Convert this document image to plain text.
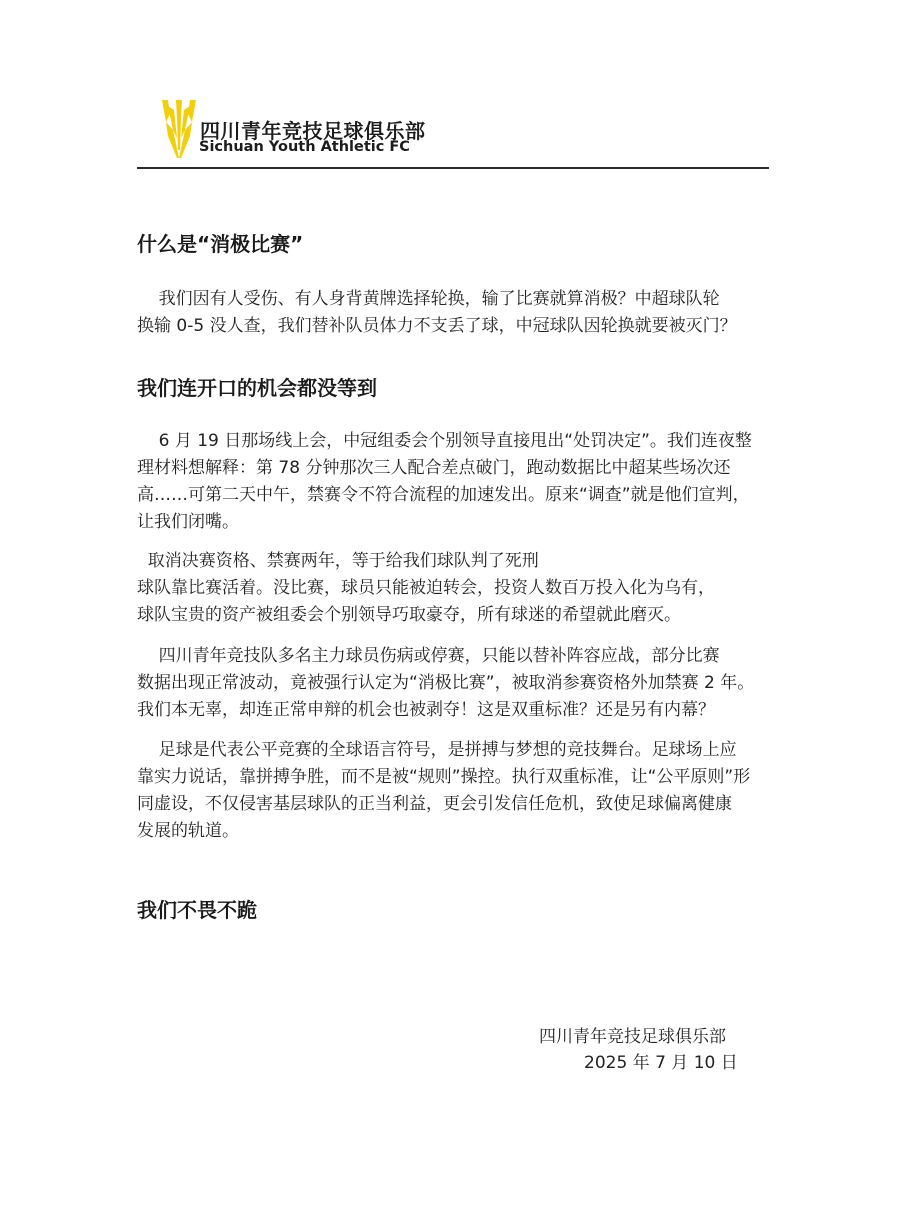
四川青年竞技足球俱乐部
Sichuan Youth Athletic FC
什么是“消极比赛”
我们因有人受伤、有人身背黄牌选择轮换，输了比赛就算消极？中超球队轮
换输 0-5 没人查，我们替补队员体力不支丢了球，中冠球队因轮换就要被灭门？
我们连开口的机会都没等到
6 月 19 日那场线上会，中冠组委会个别领导直接甩出“处罚决定”。我们连夜整
理材料想解释：第 78 分钟那次三人配合差点破门，跑动数据比中超某些场次还
高……可第二天中午，禁赛令不符合流程的加速发出。原来“调查”就是他们宣判，
让我们闭嘴。
取消决赛资格、禁赛两年，等于给我们球队判了死刑
球队靠比赛活着。没比赛，球员只能被迫转会，投资人数百万投入化为乌有，
球队宝贵的资产被组委会个别领导巧取豪夺，所有球迷的希望就此磨灭。
四川青年竞技队多名主力球员伤病或停赛，只能以替补阵容应战，部分比赛
数据出现正常波动，竟被强行认定为“消极比赛”，被取消参赛资格外加禁赛 2 年。
我们本无辜，却连正常申辩的机会也被剥夺！这是双重标准？还是另有内幕？
足球是代表公平竞赛的全球语言符号，是拼搏与梦想的竞技舞台。足球场上应
靠实力说话，靠拼搏争胜，而不是被“规则”操控。执行双重标准，让“公平原则”形
同虚设，不仅侵害基层球队的正当利益，更会引发信任危机，致使足球偏离健康
发展的轨道。
我们不畏不跪
四川青年竞技足球俱乐部
2025 年 7 月 10 日
